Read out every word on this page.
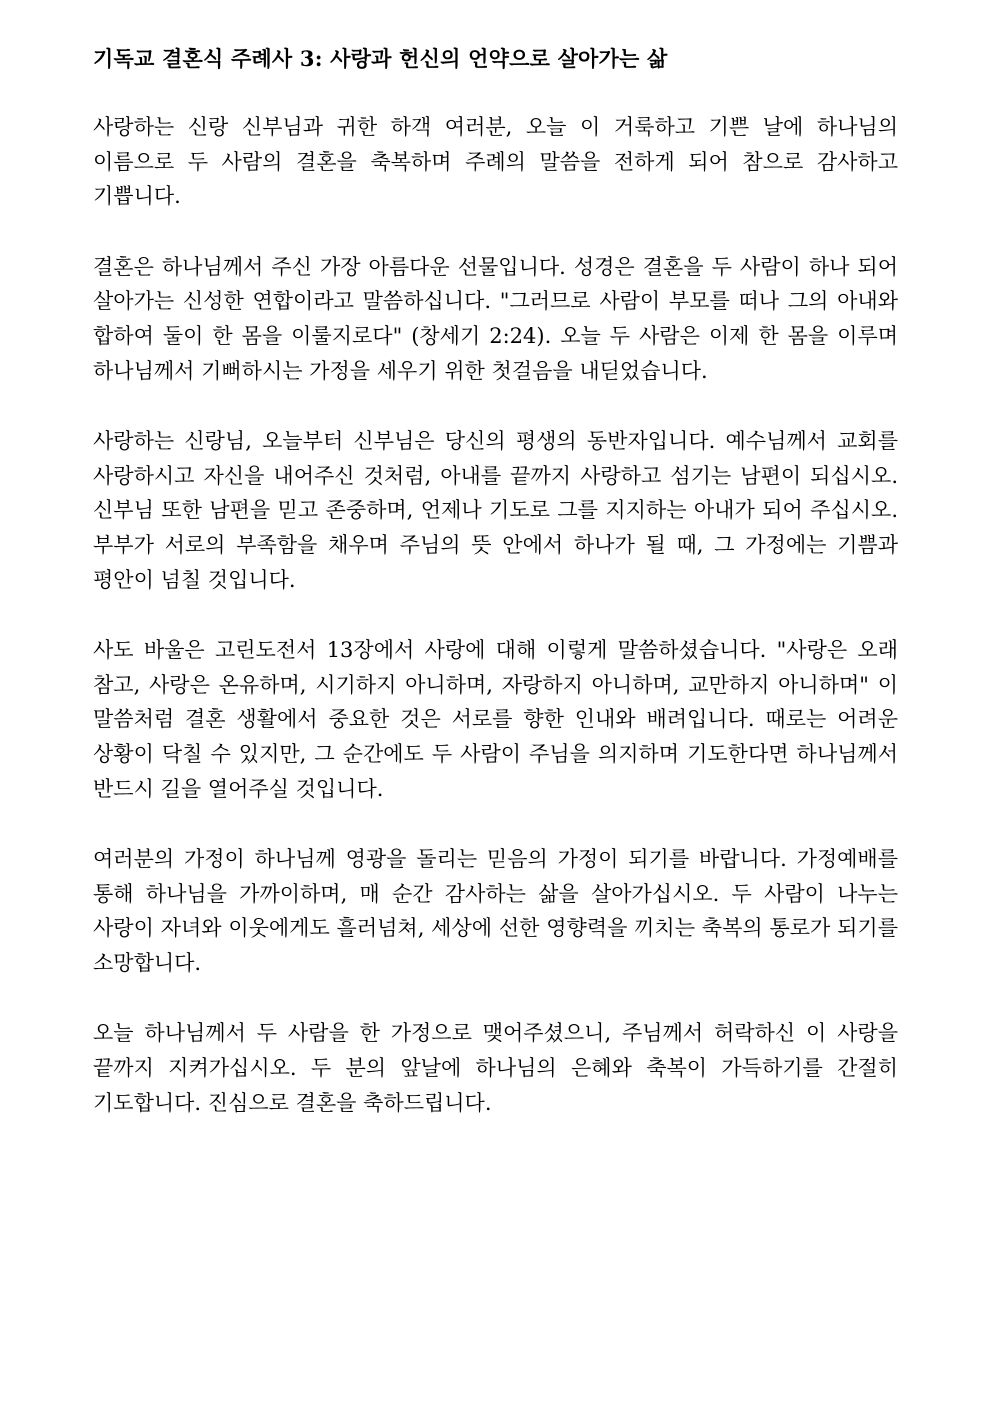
기독교 결혼식 주례사 3: 사랑과 헌신의 언약으로 살아가는 삶

사랑하는 신랑 신부님과 귀한 하객 여러분, 오늘 이 거룩하고 기쁜 날에 하나님의 이름으로 두 사람의 결혼을 축복하며 주례의 말씀을 전하게 되어 참으로 감사하고 기쁩니다.

결혼은 하나님께서 주신 가장 아름다운 선물입니다. 성경은 결혼을 두 사람이 하나 되어 살아가는 신성한 연합이라고 말씀하십니다. "그러므로 사람이 부모를 떠나 그의 아내와 합하여 둘이 한 몸을 이룰지로다" (창세기 2:24). 오늘 두 사람은 이제 한 몸을 이루며 하나님께서 기뻐하시는 가정을 세우기 위한 첫걸음을 내딛었습니다.

사랑하는 신랑님, 오늘부터 신부님은 당신의 평생의 동반자입니다. 예수님께서 교회를 사랑하시고 자신을 내어주신 것처럼, 아내를 끝까지 사랑하고 섬기는 남편이 되십시오. 신부님 또한 남편을 믿고 존중하며, 언제나 기도로 그를 지지하는 아내가 되어 주십시오. 부부가 서로의 부족함을 채우며 주님의 뜻 안에서 하나가 될 때, 그 가정에는 기쁨과 평안이 넘칠 것입니다.

사도 바울은 고린도전서 13장에서 사랑에 대해 이렇게 말씀하셨습니다. "사랑은 오래 참고, 사랑은 온유하며, 시기하지 아니하며, 자랑하지 아니하며, 교만하지 아니하며" 이 말씀처럼 결혼 생활에서 중요한 것은 서로를 향한 인내와 배려입니다. 때로는 어려운 상황이 닥칠 수 있지만, 그 순간에도 두 사람이 주님을 의지하며 기도한다면 하나님께서 반드시 길을 열어주실 것입니다.

여러분의 가정이 하나님께 영광을 돌리는 믿음의 가정이 되기를 바랍니다. 가정예배를 통해 하나님을 가까이하며, 매 순간 감사하는 삶을 살아가십시오. 두 사람이 나누는 사랑이 자녀와 이웃에게도 흘러넘쳐, 세상에 선한 영향력을 끼치는 축복의 통로가 되기를 소망합니다.

오늘 하나님께서 두 사람을 한 가정으로 맺어주셨으니, 주님께서 허락하신 이 사랑을 끝까지 지켜가십시오. 두 분의 앞날에 하나님의 은혜와 축복이 가득하기를 간절히 기도합니다. 진심으로 결혼을 축하드립니다.
